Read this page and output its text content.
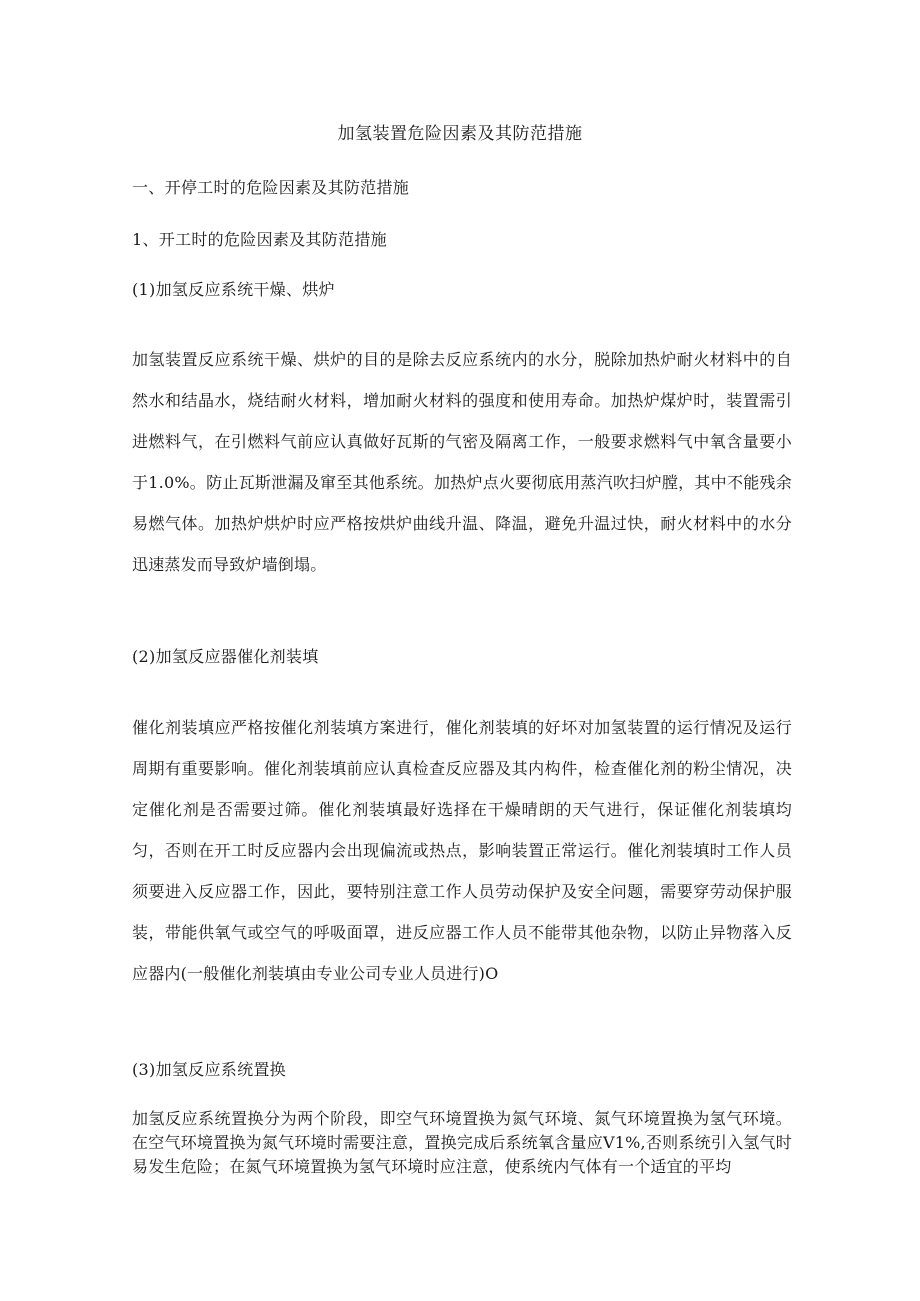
加氢装置危险因素及其防范措施
一、开停工时的危险因素及其防范措施
1、开工时的危险因素及其防范措施
(1)加氢反应系统干燥、烘炉
加氢装置反应系统干燥、烘炉的目的是除去反应系统内的水分，脱除加热炉耐火材料中的自然水和结晶水，烧结耐火材料，增加耐火材料的强度和使用寿命。加热炉煤炉时，装置需引进燃料气，在引燃料气前应认真做好瓦斯的气密及隔离工作，一般要求燃料气中氧含量要小于1.0%。防止瓦斯泄漏及窜至其他系统。加热炉点火要彻底用蒸汽吹扫炉膛，其中不能残余易燃气体。加热炉烘炉时应严格按烘炉曲线升温、降温，避免升温过快，耐火材料中的水分迅速蒸发而导致炉墙倒塌。
(2)加氢反应器催化剂装填
催化剂装填应严格按催化剂装填方案进行，催化剂装填的好坏对加氢装置的运行情况及运行周期有重要影响。催化剂装填前应认真检查反应器及其内构件，检查催化剂的粉尘情况，决定催化剂是否需要过筛。催化剂装填最好选择在干燥晴朗的天气进行，保证催化剂装填均匀，否则在开工时反应器内会出现偏流或热点，影响装置正常运行。催化剂装填时工作人员须要进入反应器工作，因此，要特别注意工作人员劳动保护及安全问题，需要穿劳动保护服装，带能供氧气或空气的呼吸面罩，进反应器工作人员不能带其他杂物，以防止异物落入反应器内(一般催化剂装填由专业公司专业人员进行)O
(3)加氢反应系统置换
加氢反应系统置换分为两个阶段，即空气环境置换为氮气环境、氮气环境置换为氢气环境。在空气环境置换为氮气环境时需要注意，置换完成后系统氧含量应V1%,否则系统引入氢气时易发生危险；在氮气环境置换为氢气环境时应注意，使系统内气体有一个适宜的平均
